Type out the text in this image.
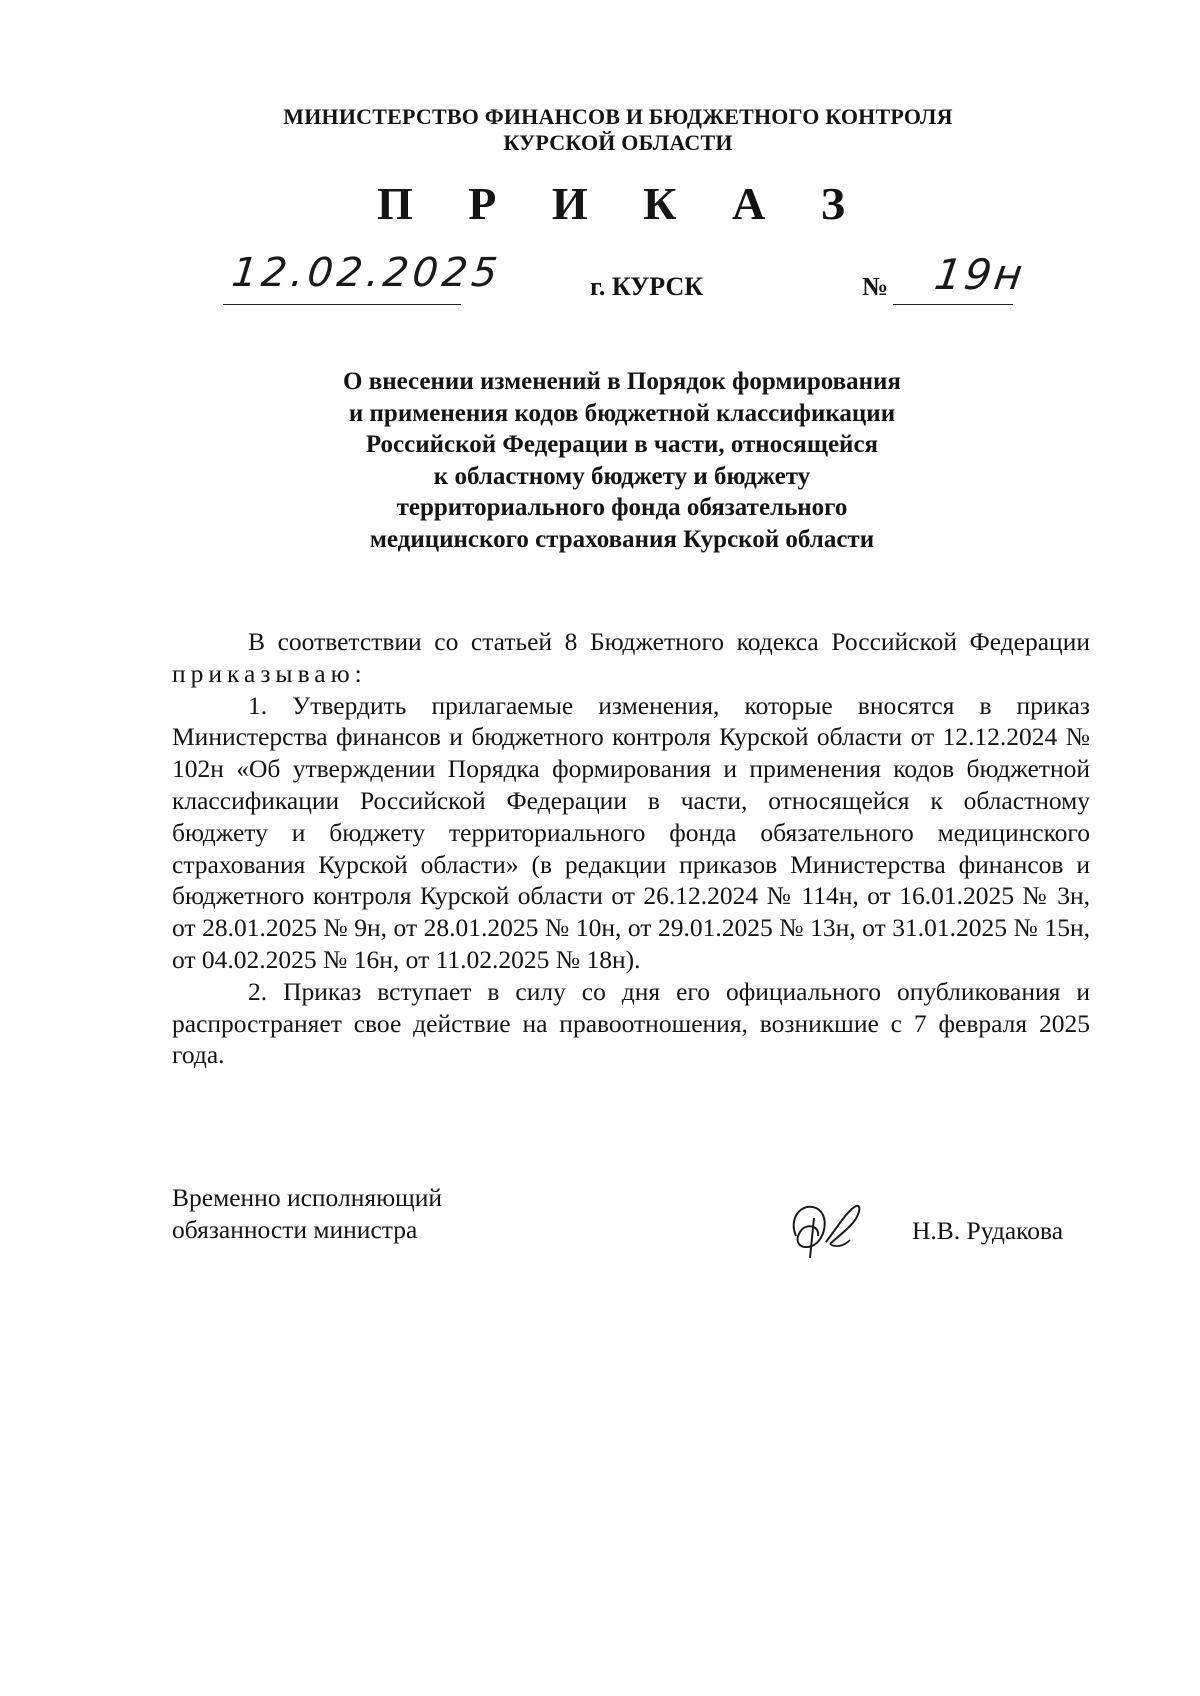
МИНИСТЕРСТВО ФИНАНСОВ И БЮДЖЕТНОГО КОНТРОЛЯ
КУРСКОЙ ОБЛАСТИ
П Р И К А З
12.02.2025	г. КУРСК	№ 19н
О внесении изменений в Порядок формирования
и применения кодов бюджетной классификации
Российской Федерации в части, относящейся
к областному бюджету и бюджету
территориального фонда обязательного
медицинского страхования Курской области

В соответствии со статьей 8 Бюджетного кодекса Российской Федерации приказываю:

1. Утвердить прилагаемые изменения, которые вносятся в приказ Министерства финансов и бюджетного контроля Курской области от 12.12.2024 № 102н «Об утверждении Порядка формирования и применения кодов бюджетной классификации Российской Федерации в части, относящейся к областному бюджету и бюджету территориального фонда обязательного медицинского страхования Курской области» (в редакции приказов Министерства финансов и бюджетного контроля Курской области от 26.12.2024 № 114н, от 16.01.2025 № 3н, от 28.01.2025 № 9н, от 28.01.2025 № 10н, от 29.01.2025 № 13н, от 31.01.2025 № 15н, от 04.02.2025 № 16н, от 11.02.2025 № 18н).

2. Приказ вступает в силу со дня его официального опубликования и распространяет свое действие на правоотношения, возникшие с 7 февраля 2025 года.

Временно исполняющий
обязанности министра	Н.В. Рудакова
